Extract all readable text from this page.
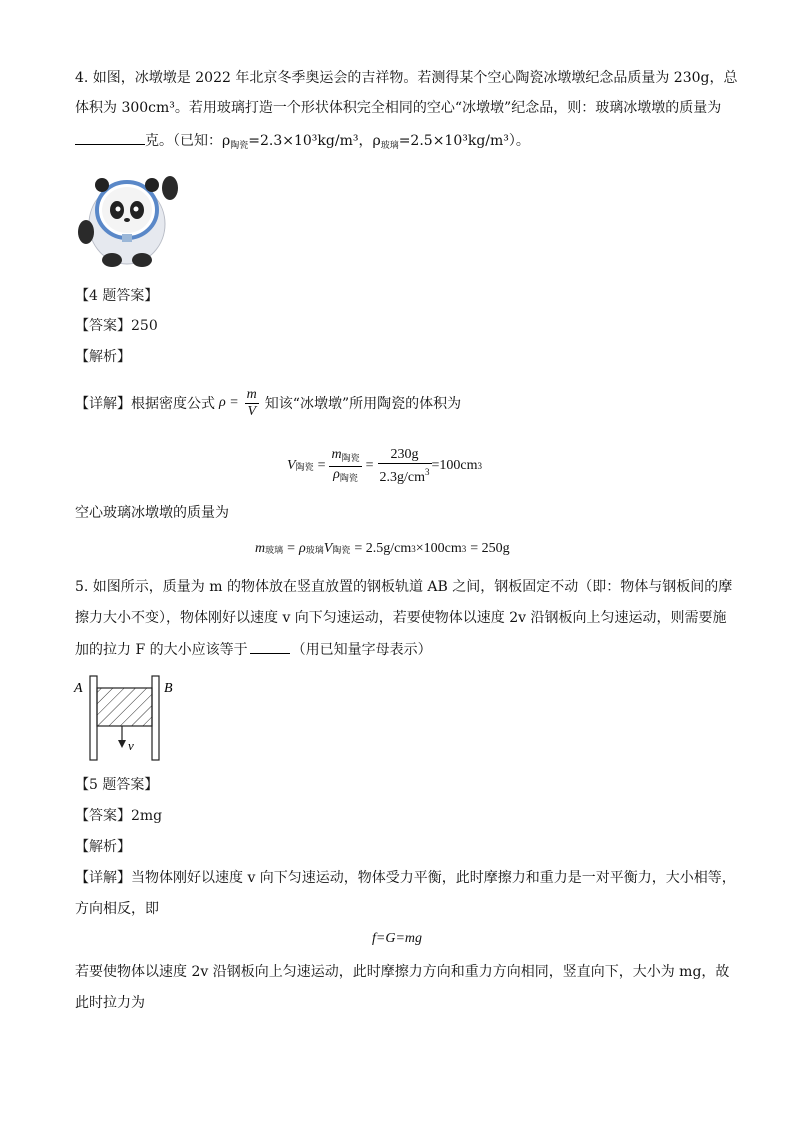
4. 如图，冰墩墩是 2022 年北京冬季奥运会的吉祥物。若测得某个空心陶瓷冰墩墩纪念品质量为 230g，总
体积为 300cm³。若用玻璃打造一个形状体积完全相同的空心“冰墩墩”纪念品，则：玻璃冰墩墩的质量为
克。（已知：$\rho_{陶瓷}=2.3\times 10^3kg/m^3$，$\rho_{玻璃}=2.5\times 10^3kg/m^3$）。
【4 题答案】
【答案】250
【解析】
【详解】根据密度公式 $\rho = \frac{m}{V}$ 知该“冰墩墩”所用陶瓷的体积为
V 陶瓷 = $\frac{m_{陶瓷}}{\rho_{陶瓷}} = \frac{230g}{2.3g/cm^3} =100cm$ 3
空心玻璃冰墩墩的质量为
m 玻璃 = ρ 玻璃 V 陶瓷 = 2.5g/cm 3 ×100cm 3 = 250g
5. 如图所示，质量为 m 的物体放在竖直放置的钢板轨道 AB 之间，钢板固定不动（即：物体与钢板间的摩
擦力大小不变），物体刚好以速度 v 向下匀速运动，若要使物体以速度 2v 沿钢板向上匀速运动，则需要施
加的拉力 F 的大小应该等于	（用已知量字母表示）
A	B
v
【5 题答案】
【答案】2mg
【解析】
【详解】当物体刚好以速度 v 向下匀速运动，物体受力平衡，此时摩擦力和重力是一对平衡力，大小相等，
方向相反，即
f=G=mg
若要使物体以速度 2v 沿钢板向上匀速运动，此时摩擦力方向和重力方向相同，竖直向下，大小为 mg，故
此时拉力为
